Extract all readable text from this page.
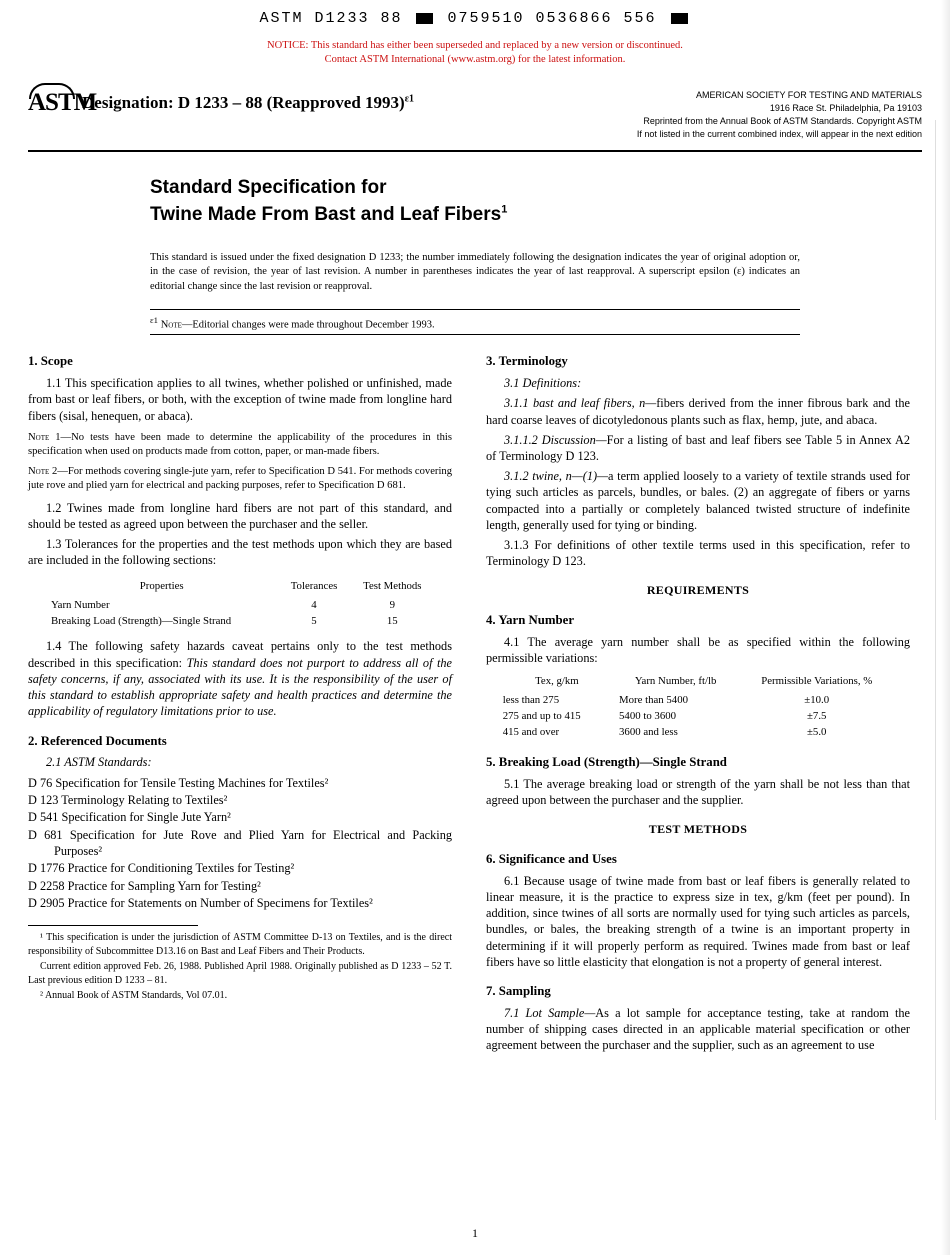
ASTM D1233 88	0759510 0536866 556
NOTICE: This standard has either been superseded and replaced by a new version or discontinued.
Contact ASTM International (www.astm.org) for the latest information.
ASTM
Designation: D 1233 – 88 (Reapproved 1993)$^{\varepsilon 1}$	AMERICAN SOCIETY FOR TESTING AND MATERIALS
1916 Race St. Philadelphia, Pa 19103
Reprinted from the Annual Book of ASTM Standards. Copyright ASTM
If not listed in the current combined index, will appear in the next edition
Standard Specification for
Twine Made From Bast and Leaf Fibers$^1$
This standard is issued under the fixed designation D 1233; the number immediately following the designation indicates the year of original adoption or, in the case of revision, the year of last revision. A number in parentheses indicates the year of last reapproval. A superscript epsilon (ε) indicates an editorial change since the last revision or reapproval.
$^{\varepsilon 1}$ Note—Editorial changes were made throughout December 1993.
1. Scope

1.1 This specification applies to all twines, whether polished or unfinished, made from bast or leaf fibers, or both, with the exception of twine made from longline hard fibers (sisal, henequen, or abaca).

Note 1—No tests have been made to determine the applicability of the procedures in this specification when used on products made from cotton, paper, or man-made fibers.
Note 2—For methods covering single-jute yarn, refer to Specification D 541. For methods covering jute rove and plied yarn for electrical and packing purposes, refer to Specification D 681.

1.2 Twines made from longline hard fibers are not part of this standard, and should be tested as agreed upon between the purchaser and the seller.

1.3 Tolerances for the properties and the test methods upon which they are based are included in the following sections:

Properties	Tolerances	Test Methods
Yarn Number	4	9
Breaking Load (Strength)—Single Strand	5	15

1.4 The following safety hazards caveat pertains only to the test methods described in this specification: This standard does not purport to address all of the safety concerns, if any, associated with its use. It is the responsibility of the user of this standard to establish appropriate safety and health practices and determine the applicability of regulatory limitations prior to use.

2. Referenced Documents

2.1 ASTM Standards:

D 76 Specification for Tensile Testing Machines for Textiles²
D 123 Terminology Relating to Textiles²
D 541 Specification for Single Jute Yarn²
D 681 Specification for Jute Rove and Plied Yarn for Electrical and Packing Purposes²
D 1776 Practice for Conditioning Textiles for Testing²
D 2258 Practice for Sampling Yarn for Testing²
D 2905 Practice for Statements on Number of Specimens for Textiles²

¹ This specification is under the jurisdiction of ASTM Committee D-13 on Textiles, and is the direct responsibility of Subcommittee D13.16 on Bast and Leaf Fibers and Their Products.

Current edition approved Feb. 26, 1988. Published April 1988. Originally published as D 1233 – 52 T. Last previous edition D 1233 – 81.

² Annual Book of ASTM Standards, Vol 07.01.

3. Terminology

3.1 Definitions:

3.1.1 bast and leaf fibers, n—fibers derived from the inner fibrous bark and the hard coarse leaves of dicotyledonous plants such as flax, hemp, jute, and abaca.

3.1.1.2 Discussion—For a listing of bast and leaf fibers see Table 5 in Annex A2 of Terminology D 123.

3.1.2 twine, n—(1)—a term applied loosely to a variety of textile strands used for tying such articles as parcels, bundles, or bales. (2) an aggregate of fibers or yarns compacted into a partially or completely balanced twisted structure of indefinite length, generally used for tying or binding.

3.1.3 For definitions of other textile terms used in this specification, refer to Terminology D 123.

REQUIREMENTS
4. Yarn Number

4.1 The average yarn number shall be as specified within the following permissible variations:

Tex, g/km	Yarn Number, ft/lb	Permissible Variations, %
less than 275	More than 5400	±10.0
275 and up to 415	5400 to 3600	±7.5
415 and over	3600 and less	±5.0
5. Breaking Load (Strength)—Single Strand

5.1 The average breaking load or strength of the yarn shall be not less than that agreed upon between the purchaser and the supplier.

TEST METHODS
6. Significance and Uses

6.1 Because usage of twine made from bast or leaf fibers is generally related to linear measure, it is the practice to express size in tex, g/km (feet per pound). In addition, since twines of all sorts are normally used for tying such articles as parcels, bundles, or bales, the breaking strength of a twine is an important property in determining if it will properly perform as required. Twines made from bast or leaf fibers have so little elasticity that elongation is not a property of general interest.

7. Sampling

7.1 Lot Sample—As a lot sample for acceptance testing, take at random the number of shipping cases directed in an applicable material specification or other agreement between the purchaser and the supplier, such as an agreement to use

1
